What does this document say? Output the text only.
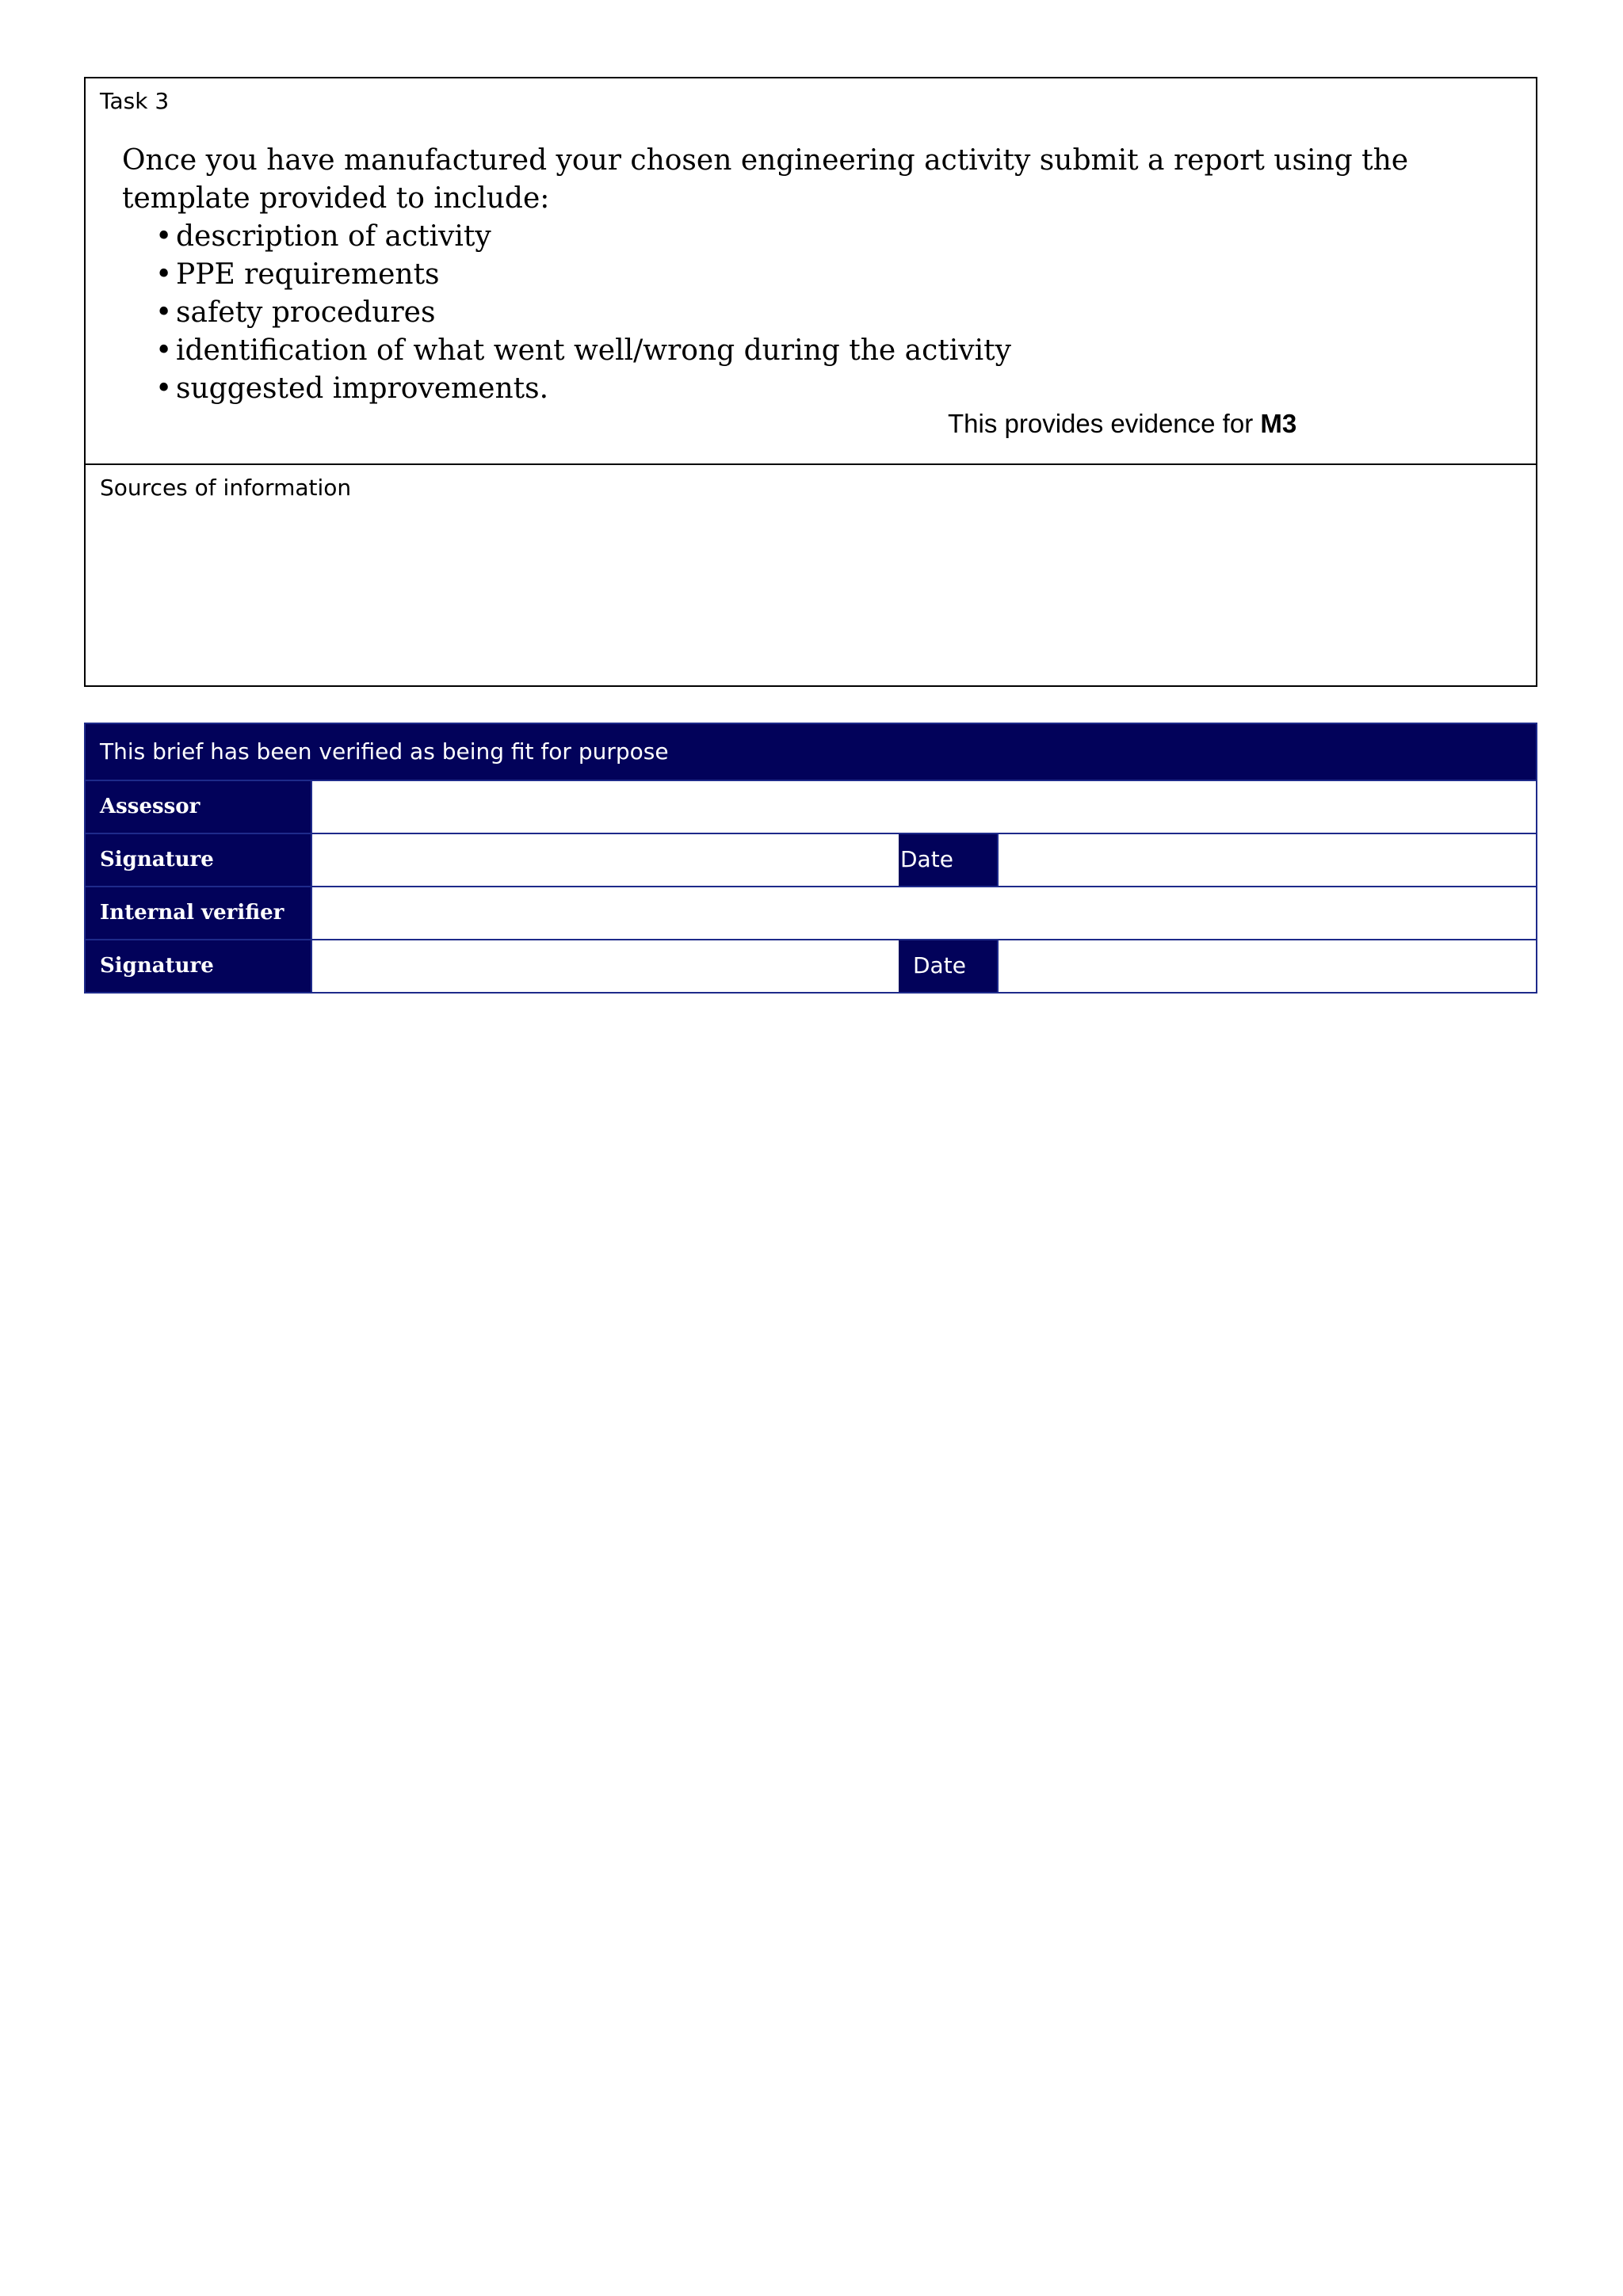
Task 3

Once you have manufactured your chosen engineering activity submit a report using the template provided to include:

• description of activity
• PPE requirements
• safety procedures
• identification of what went well/wrong during the activity
• suggested improvements.
This provides evidence for M3
Sources of information
This brief has been verified as being fit for purpose
Assessor
Signature	Date
Internal verifier
Signature	Date
